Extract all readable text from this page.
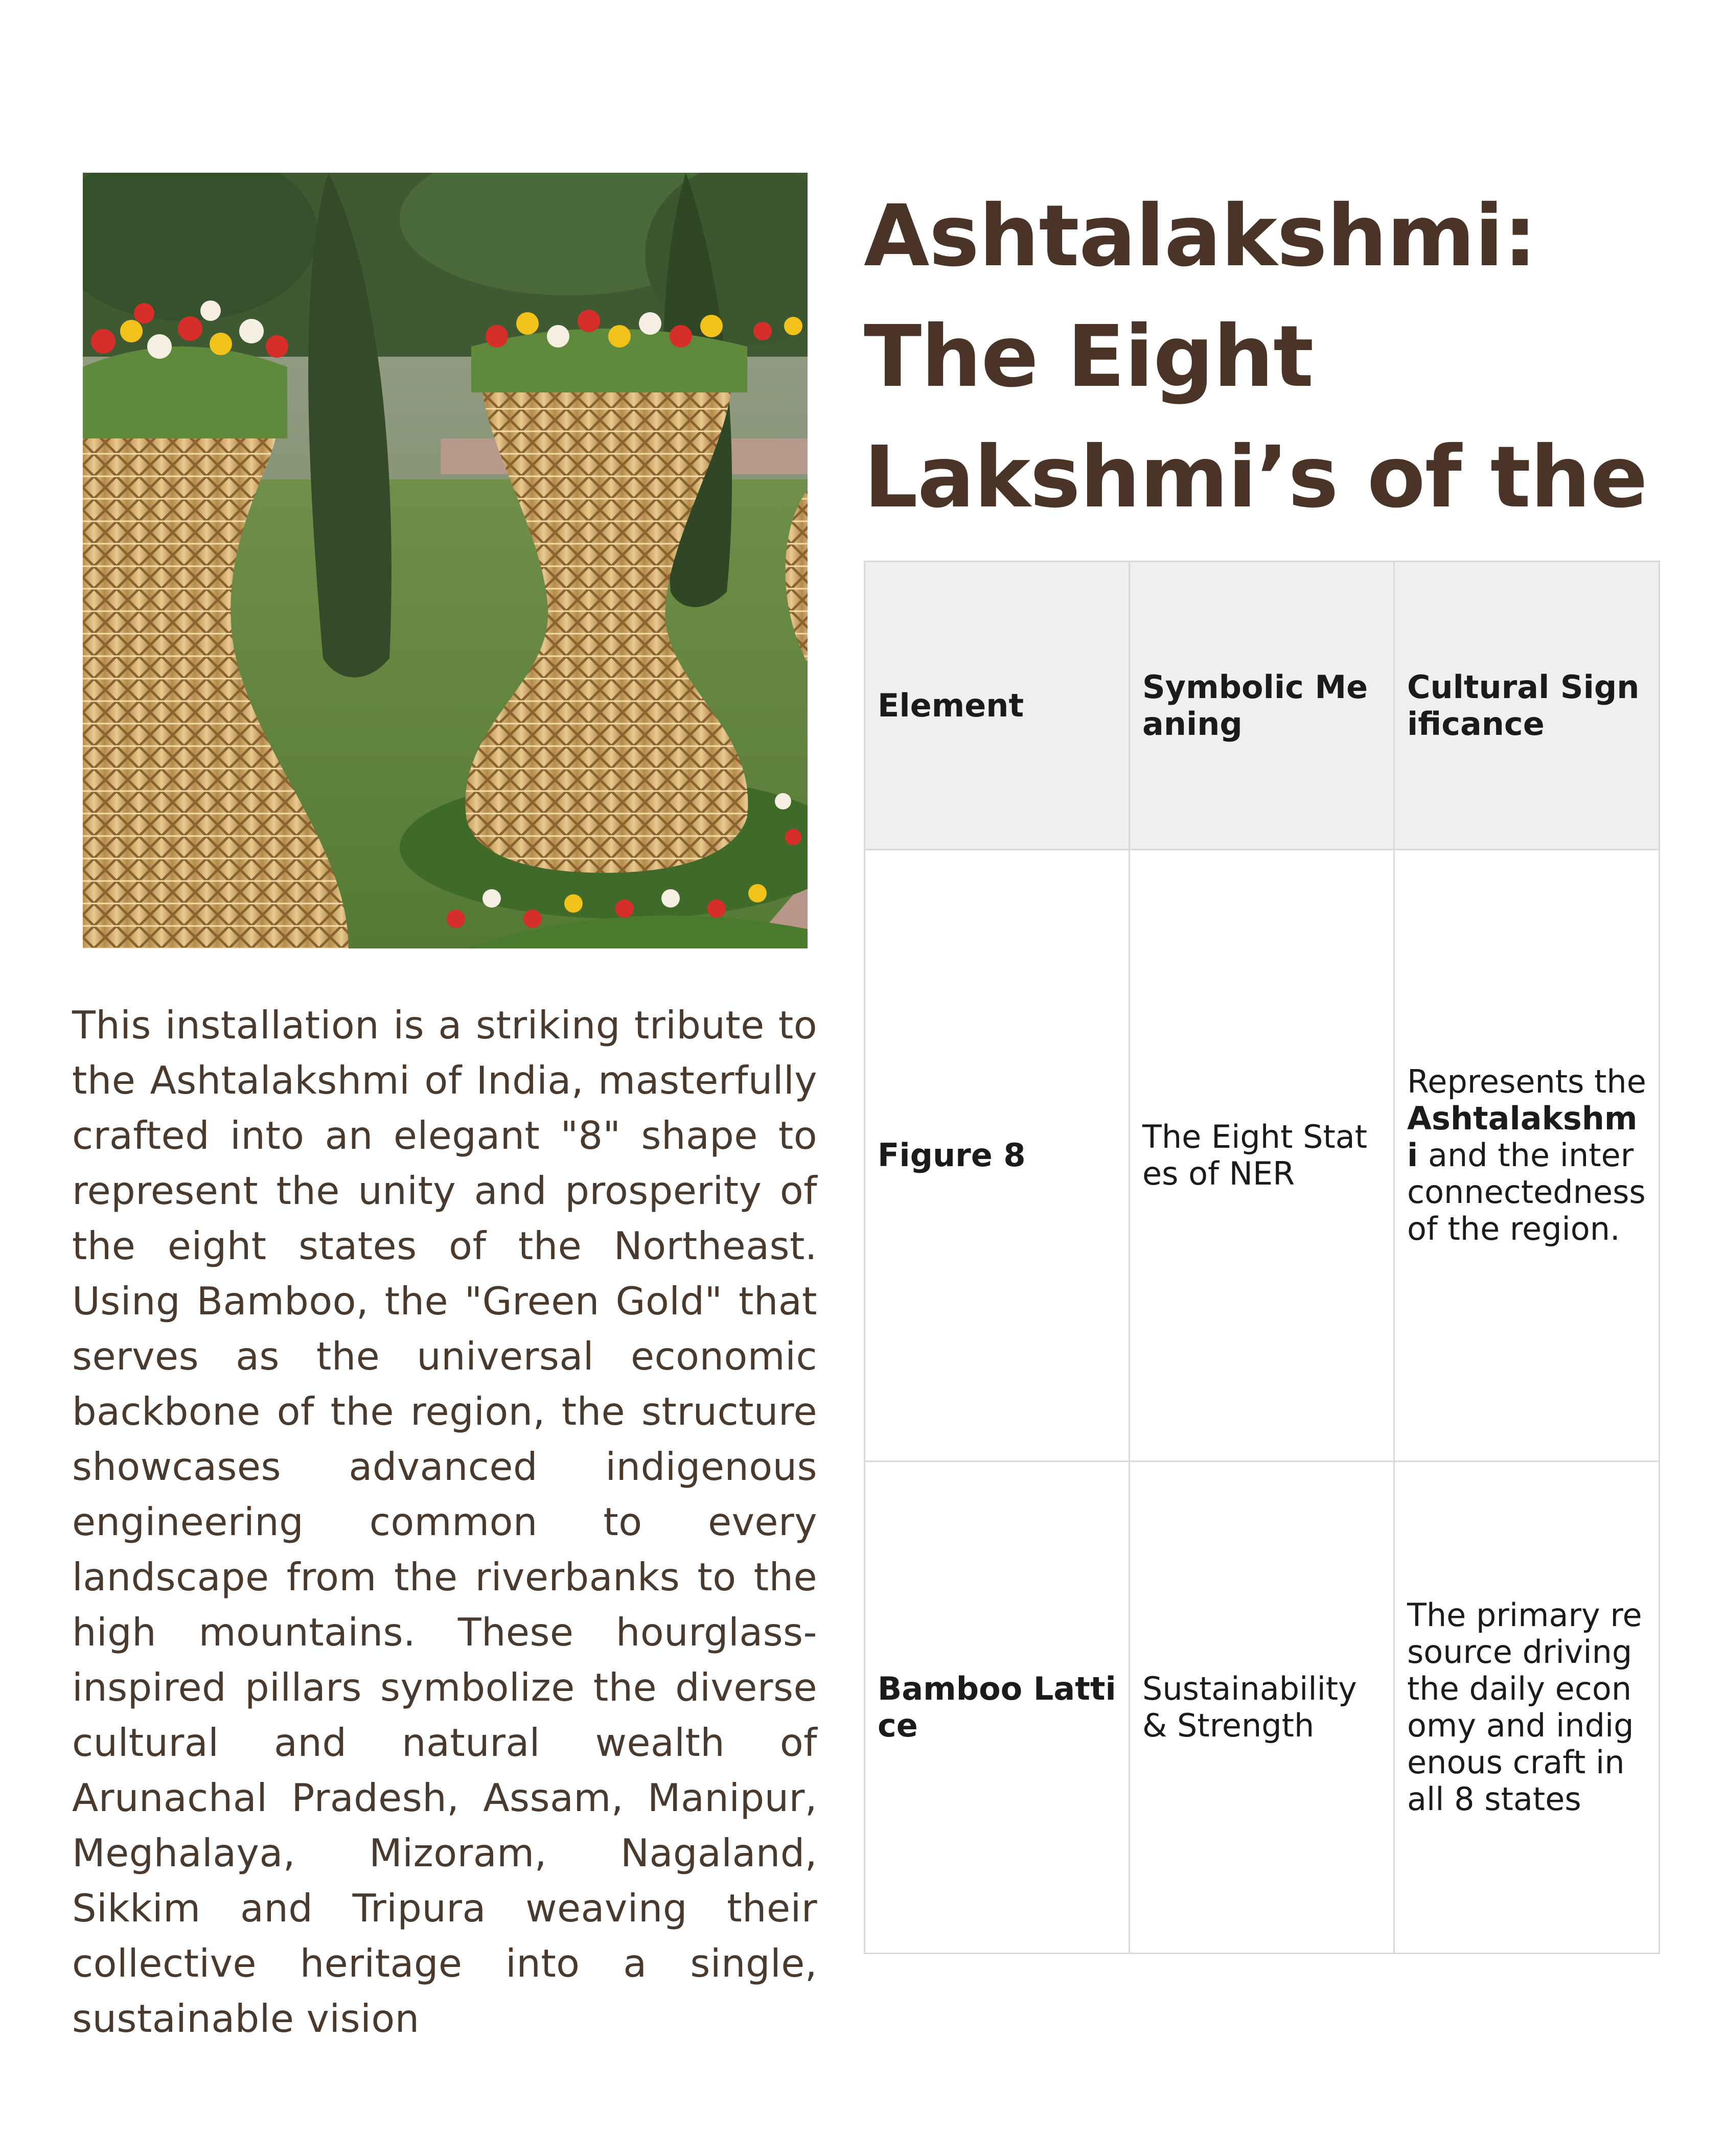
Ashtalakshmi: The Eight Lakshmi’s of the

This installation is a striking tribute to the Ashtalakshmi of India, masterfully crafted into an elegant "8" shape to represent the unity and prosperity of the eight states of the Northeast. Using Bamboo, the "Green Gold" that serves as the universal economic backbone of the region, the structure showcases advanced indigenous engineering common to every landscape from the riverbanks to the high mountains. These hourglass-inspired pillars symbolize the diverse cultural and natural wealth of Arunachal Pradesh, Assam, Manipur, Meghalaya, Mizoram, Nagaland, Sikkim and Tripura weaving their collective heritage into a single, sustainable vision

Element	Symbolic Meaning	Cultural Significance
Figure 8	The Eight States of NER	Represents the Ashtalakshmi and the interconnectedness of the region.
Bamboo Lattice	Sustainability & Strength	The primary resource driving the daily economy and indigenous craft in all 8 states
